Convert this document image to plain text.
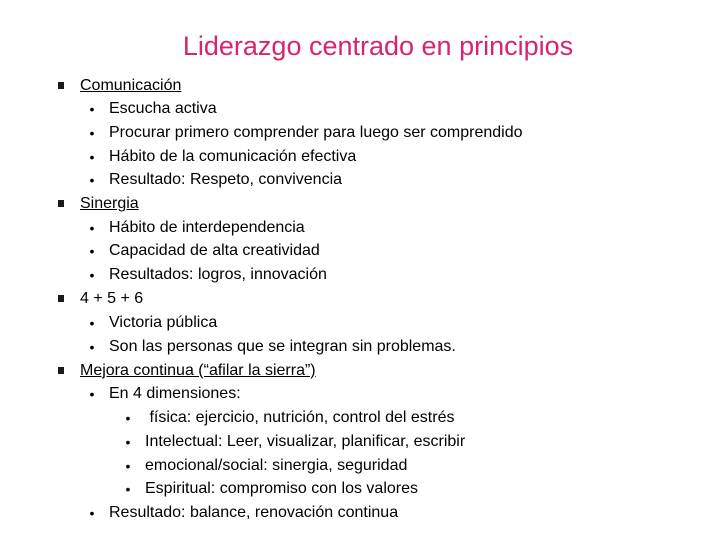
Liderazgo centrado en principios
Comunicación
• Escucha activa
• Procurar primero comprender para luego ser comprendido
• Hábito de la comunicación efectiva
• Resultado: Respeto, convivencia
Sinergia
• Hábito de interdependencia
• Capacidad de alta creatividad
• Resultados: logros, innovación
4 + 5 + 6
• Victoria pública
• Son las personas que se integran sin problemas.
Mejora continua (“afilar la sierra”)
• En 4 dimensiones:
• física: ejercicio, nutrición, control del estrés
• Intelectual: Leer, visualizar, planificar, escribir
• emocional/social: sinergia, seguridad
• Espiritual: compromiso con los valores
• Resultado: balance, renovación continua
